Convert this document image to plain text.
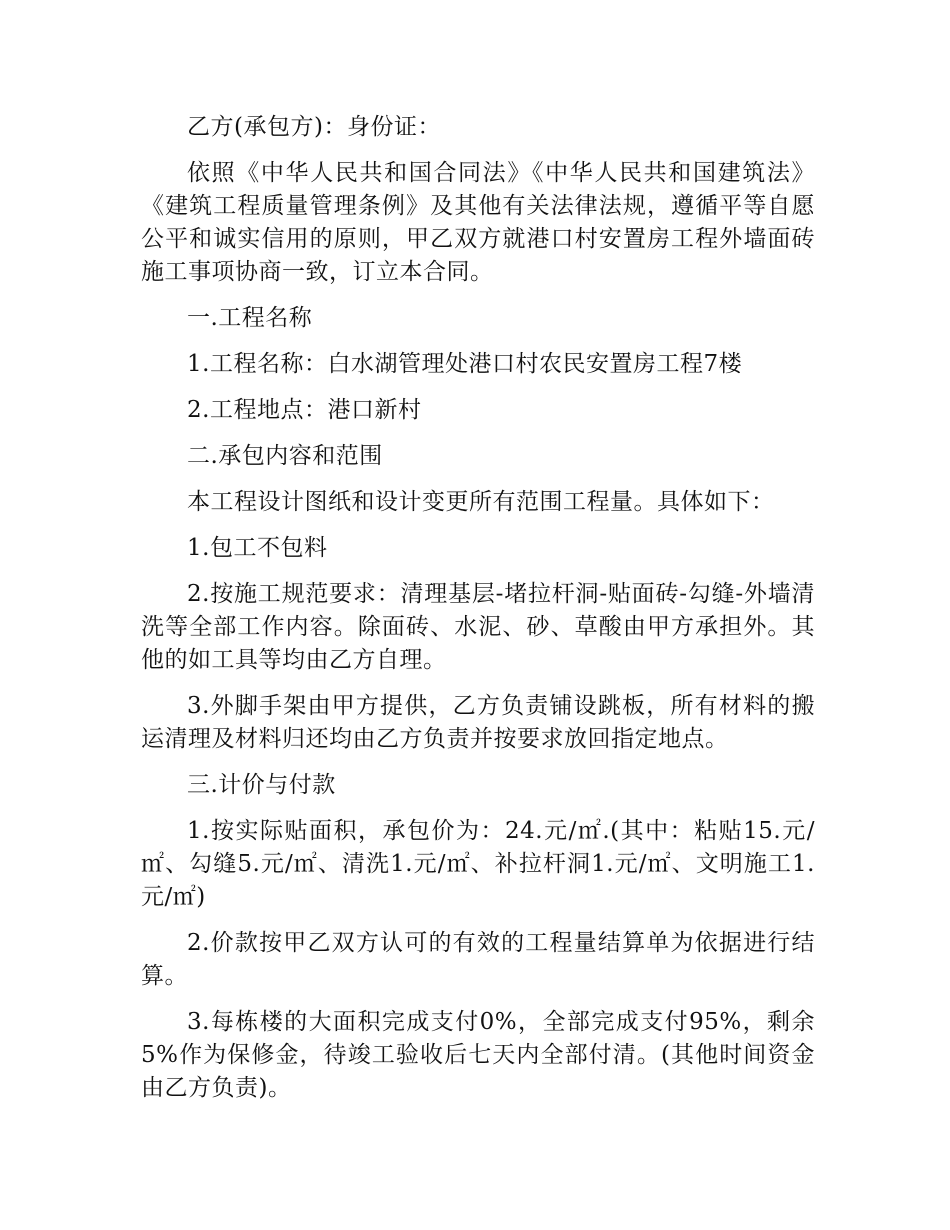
乙方(承包方)：身份证：

依照《中华人民共和国合同法》《中华人民共和国建筑法》《建筑工程质量管理条例》及其他有关法律法规，遵循平等自愿公平和诚实信用的原则，甲乙双方就港口村安置房工程外墙面砖施工事项协商一致，订立本合同。

一.工程名称

1.工程名称：白水湖管理处港口村农民安置房工程7楼

2.工程地点：港口新村

二.承包内容和范围

本工程设计图纸和设计变更所有范围工程量。具体如下：

1.包工不包料

2.按施工规范要求：清理基层-堵拉杆洞-贴面砖-勾缝-外墙清洗等全部工作内容。除面砖、水泥、砂、草酸由甲方承担外。其他的如工具等均由乙方自理。

3.外脚手架由甲方提供，乙方负责铺设跳板，所有材料的搬运清理及材料归还均由乙方负责并按要求放回指定地点。

三.计价与付款

1.按实际贴面积，承包价为：24.元/㎡.(其中：粘贴15.元/㎡、勾缝5.元/㎡、清洗1.元/㎡、补拉杆洞1.元/㎡、文明施工1.元/㎡)

2.价款按甲乙双方认可的有效的工程量结算单为依据进行结算。

3.每栋楼的大面积完成支付0%，全部完成支付95%，剩余5%作为保修金，待竣工验收后七天内全部付清。(其他时间资金由乙方负责)。
